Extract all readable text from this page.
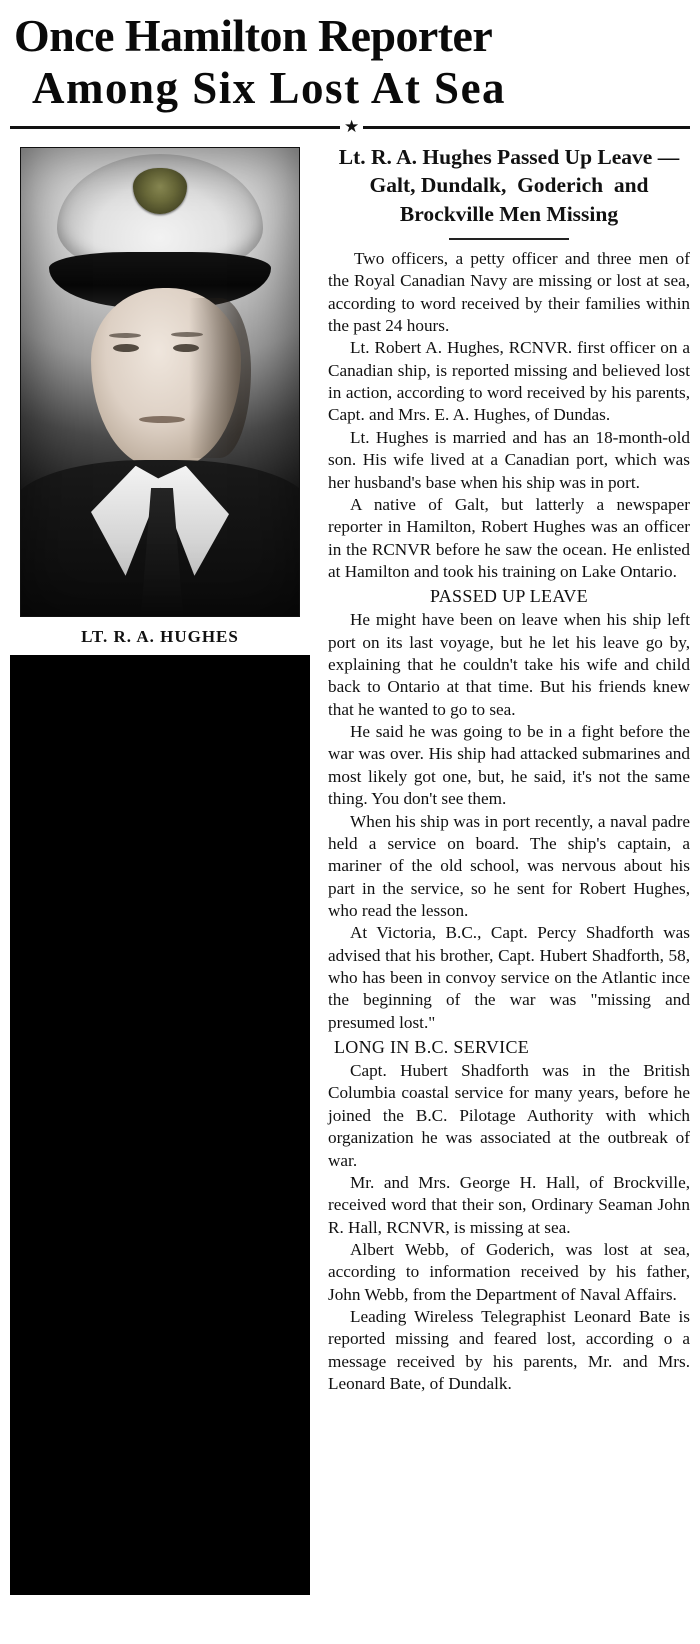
Once Hamilton Reporter
Among Six Lost At Sea
★
LT. R. A. HUGHES
Lt. R. A. Hughes Passed Up Leave — Galt, Dundalk,  Goderich  and Brockville Men Missing

Two officers, a petty officer and three men of the Royal Canadian Navy are missing or lost at sea, according to word received by their families within the past 24 hours.

Lt. Robert A. Hughes, RCNVR. first officer on a Canadian ship, is reported missing and believed lost in action, according to word received by his parents, Capt. and Mrs. E. A. Hughes, of Dundas.

Lt. Hughes is married and has an 18-month-old son. His wife lived at a Canadian port, which was her husband's base when his ship was in port.

A native of Galt, but latterly a newspaper reporter in Hamilton, Robert Hughes was an officer in the RCNVR before he saw the ocean. He enlisted at Hamilton and took his training on Lake Ontario.

PASSED UP LEAVE

He might have been on leave when his ship left port on its last voyage, but he let his leave go by, explaining that he couldn't take his wife and child back to Ontario at that time. But his friends knew that he wanted to go to sea.

He said he was going to be in a fight before the war was over. His ship had attacked submarines and most likely got one, but, he said, it's not the same thing. You don't see them.

When his ship was in port recently, a naval padre held a service on board. The ship's captain, a mariner of the old school, was nervous about his part in the service, so he sent for Robert Hughes, who read the lesson.

At Victoria, B.C., Capt. Percy Shadforth was advised that his brother, Capt. Hubert Shadforth, 58, who has been in convoy service on the Atlantic ince the beginning of the war was "missing and presumed lost."

LONG IN B.C. SERVICE

Capt. Hubert Shadforth was in the British Columbia coastal service for many years, before he joined the B.C. Pilotage Authority with which organization he was associated at the outbreak of war.

Mr. and Mrs. George H. Hall, of Brockville, received word that their son, Ordinary Seaman John R. Hall, RCNVR, is missing at sea.

Albert Webb, of Goderich, was lost at sea, according to information received by his father, John Webb, from the Department of Naval Affairs.

Leading Wireless Telegraphist Leonard Bate is reported missing and feared lost, according o a message received by his parents, Mr. and Mrs. Leonard Bate, of Dundalk.
